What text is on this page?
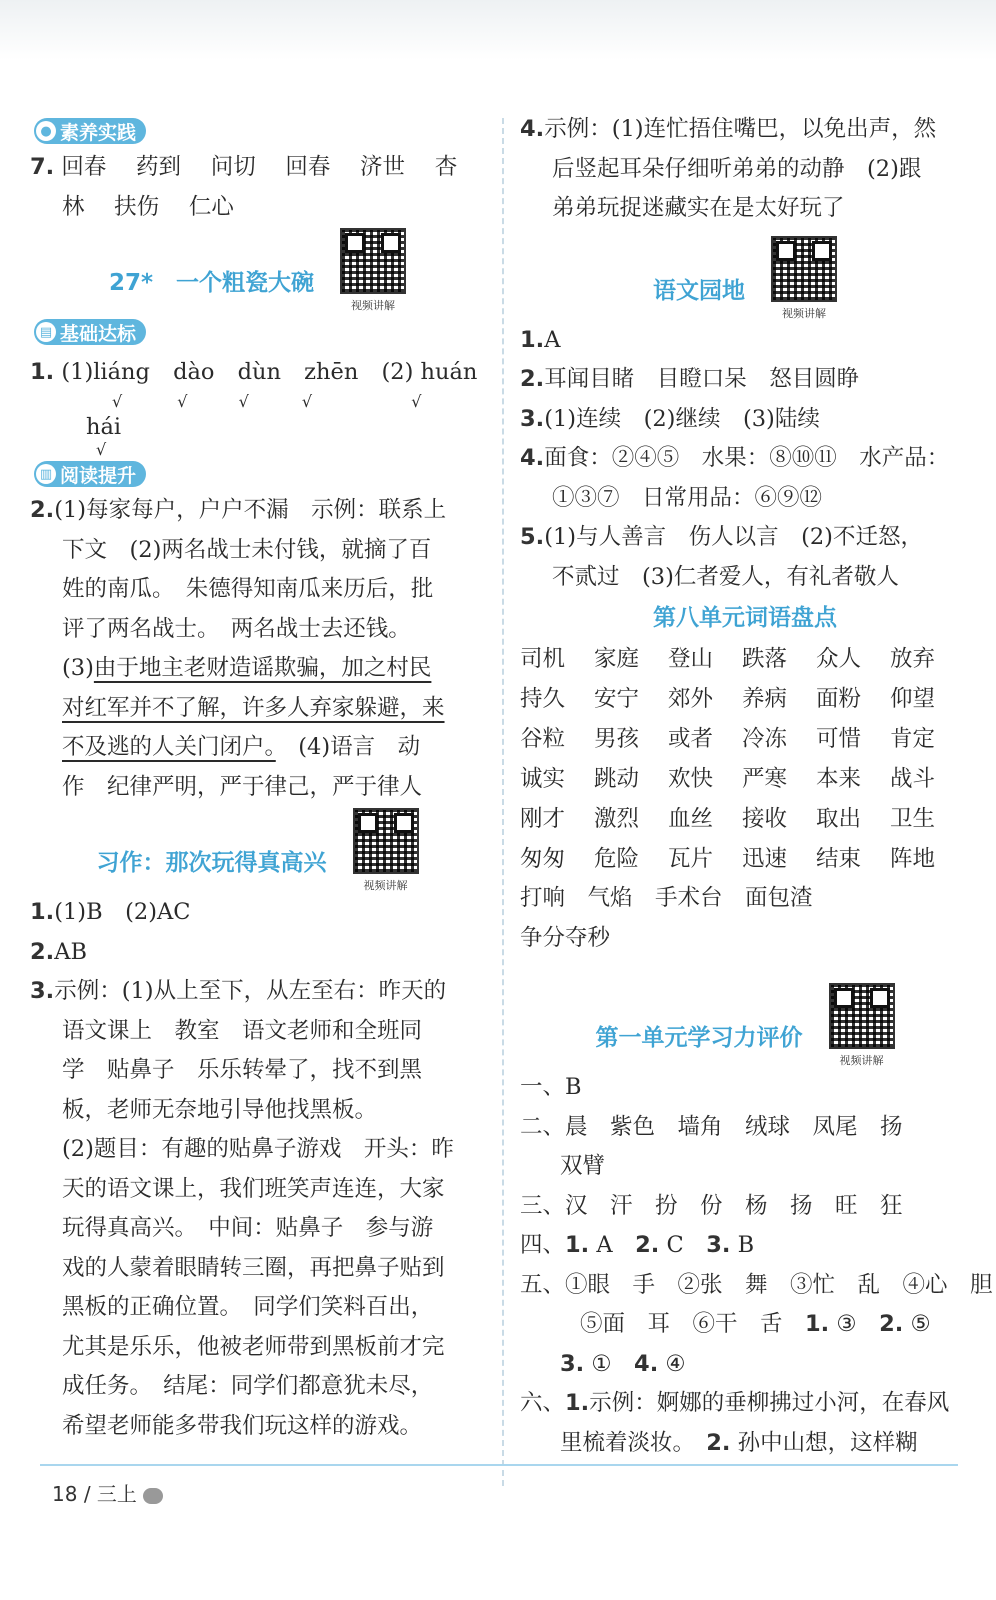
● 素养实践

7. 回春　 药到　 问切　 回春　 济世　 杏

林　 扶伤　 仁心

27*　一个粗瓷大碗
视频讲解
▤ 基础达标

1. (1)liáng dào dùn zhēn (2) huán

√	√	√	√	√

hái

√

▥ 阅读提升

2.(1)每家每户，户户不漏　示例：联系上

下文　(2)两名战士未付钱，就摘了百

姓的南瓜。　朱德得知南瓜来历后，批

评了两名战士。　两名战士去还钱。

(3)由于地主老财造谣欺骗，加之村民

对红军并不了解，许多人弃家躲避，来

不及逃的人关门闭户。　(4)语言　动

作　纪律严明，严于律己，严于律人

习作：那次玩得真高兴
视频讲解

1.(1)B　(2)AC

2.AB

3.示例：(1)从上至下，从左至右：昨天的

语文课上　教室　语文老师和全班同

学　贴鼻子　乐乐转晕了，找不到黑

板，老师无奈地引导他找黑板。

(2)题目：有趣的贴鼻子游戏　开头：昨

天的语文课上，我们班笑声连连，大家

玩得真高兴。　中间：贴鼻子　参与游

戏的人蒙着眼睛转三圈，再把鼻子贴到

黑板的正确位置。　同学们笑料百出，

尤其是乐乐，他被老师带到黑板前才完

成任务。　结尾：同学们都意犹未尽，

希望老师能多带我们玩这样的游戏。

4.示例：(1)连忙捂住嘴巴，以免出声，然

后竖起耳朵仔细听弟弟的动静　(2)跟

弟弟玩捉迷藏实在是太好玩了

语文园地
视频讲解

1.A

2.耳闻目睹　目瞪口呆　怒目圆睁

3.(1)连续　(2)继续　(3)陆续

4.面食：②④⑤　水果：⑧⑩⑪　水产品：

①③⑦　日常用品：⑥⑨⑫

5.(1)与人善言　伤人以言　(2)不迁怒，

不贰过　(3)仁者爱人，有礼者敬人

第八单元词语盘点
司机	家庭	登山	跌落	众人	放弃
持久	安宁	郊外	养病	面粉	仰望
谷粒	男孩	或者	冷冻	可惜	肯定
诚实	跳动	欢快	严寒	本来	战斗
刚才	激烈	血丝	接收	取出	卫生
匆匆	危险	瓦片	迅速	结束	阵地

打响　气焰　手术台　面包渣

争分夺秒

第一单元学习力评价
视频讲解

一、B

二、晨　紫色　墙角　绒球　凤尾　扬

双臂

三、汉　汗　扮　份　杨　扬　旺　狂

四、1. A　 2. C　 3. B

五、①眼　手　②张　舞　③忙　乱　④心　胆

⑤面　耳　⑥干　舌　 1. ③　 2. ⑤

3. ①　 4. ④

六、1.示例：婀娜的垂柳拂过小河，在春风

里梳着淡妆。　 2. 孙中山想，这样糊

18 / 三上
